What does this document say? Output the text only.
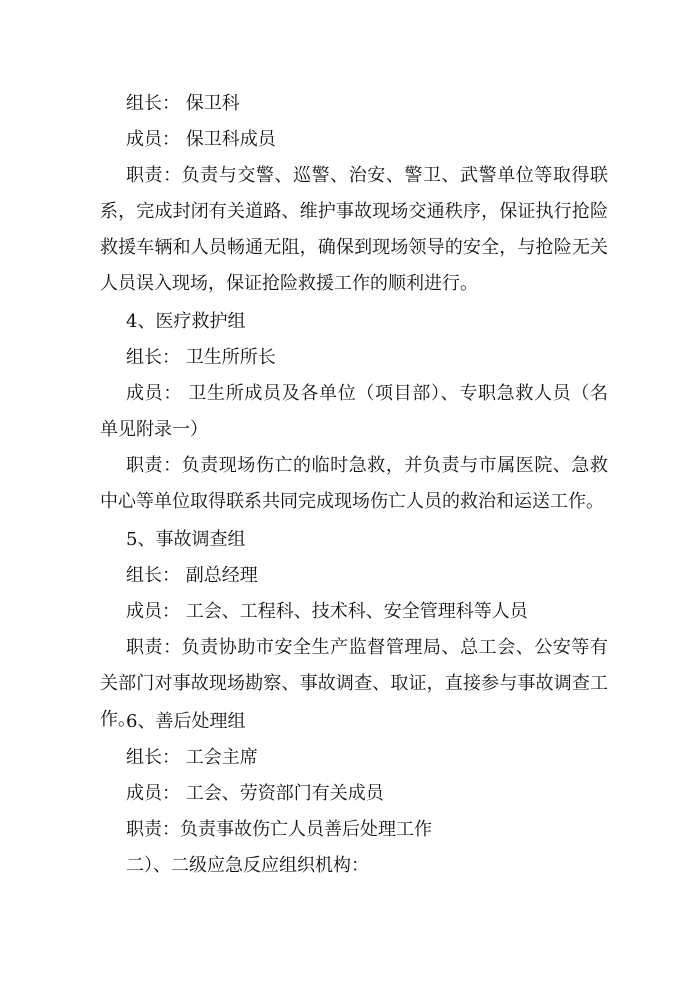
组长： 保卫科
成员： 保卫科成员
职责：负责与交警、巡警、治安、警卫、武警单位等取得联系，完成封闭有关道路、维护事故现场交通秩序，保证执行抢险救援车辆和人员畅通无阻，确保到现场领导的安全，与抢险无关人员误入现场，保证抢险救援工作的顺利进行。
4、医疗救护组
组长： 卫生所所长
成员： 卫生所成员及各单位（项目部）、专职急救人员（名单见附录一）
职责：负责现场伤亡的临时急救，并负责与市属医院、急救中心等单位取得联系共同完成现场伤亡人员的救治和运送工作。
5、事故调查组
组长： 副总经理
成员： 工会、工程科、技术科、安全管理科等人员
职责：负责协助市安全生产监督管理局、总工会、公安等有关部门对事故现场勘察、事故调查、取证，直接参与事故调查工作。
6、善后处理组
组长： 工会主席
成员： 工会、劳资部门有关成员
职责：负责事故伤亡人员善后处理工作
二）、二级应急反应组织机构：
